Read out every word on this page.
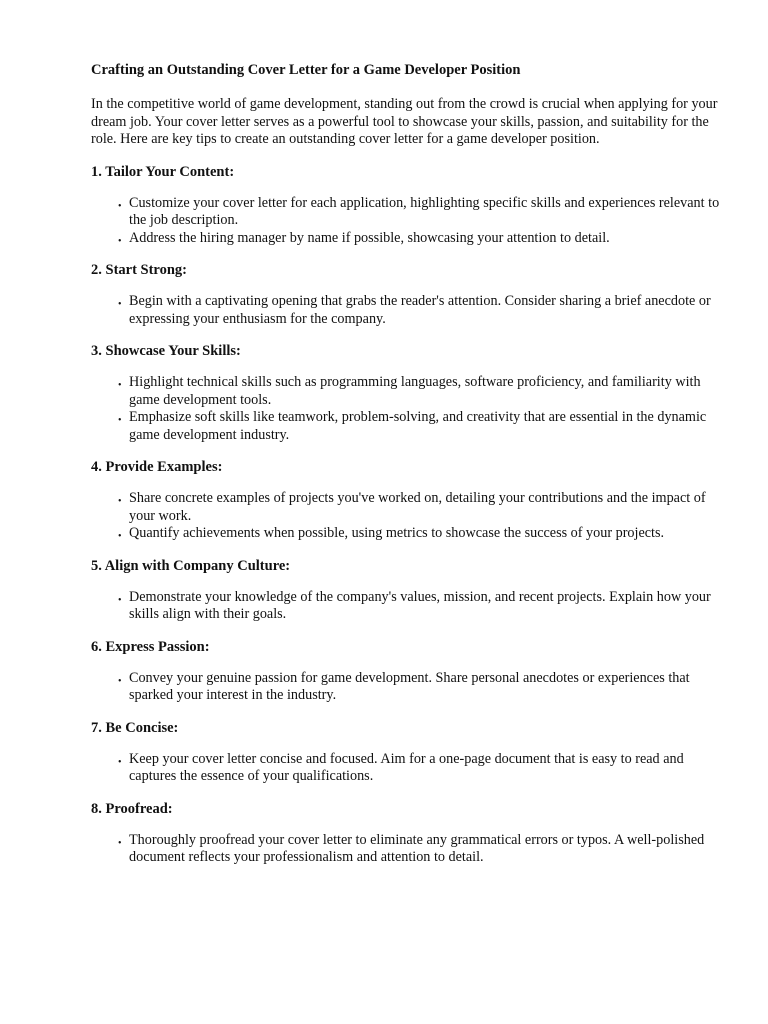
Crafting an Outstanding Cover Letter for a Game Developer Position

In the competitive world of game development, standing out from the crowd is crucial when applying for your dream job. Your cover letter serves as a powerful tool to showcase your skills, passion, and suitability for the role. Here are key tips to create an outstanding cover letter for a game developer position.

1. Tailor Your Content:
• Customize your cover letter for each application, highlighting specific skills and experiences relevant to the job description.
• Address the hiring manager by name if possible, showcasing your attention to detail.
2. Start Strong:
• Begin with a captivating opening that grabs the reader's attention. Consider sharing a brief anecdote or expressing your enthusiasm for the company.
3. Showcase Your Skills:
• Highlight technical skills such as programming languages, software proficiency, and familiarity with game development tools.
• Emphasize soft skills like teamwork, problem-solving, and creativity that are essential in the dynamic game development industry.
4. Provide Examples:
• Share concrete examples of projects you've worked on, detailing your contributions and the impact of your work.
• Quantify achievements when possible, using metrics to showcase the success of your projects.
5. Align with Company Culture:
• Demonstrate your knowledge of the company's values, mission, and recent projects. Explain how your skills align with their goals.
6. Express Passion:
• Convey your genuine passion for game development. Share personal anecdotes or experiences that sparked your interest in the industry.
7. Be Concise:
• Keep your cover letter concise and focused. Aim for a one-page document that is easy to read and captures the essence of your qualifications.
8. Proofread:
• Thoroughly proofread your cover letter to eliminate any grammatical errors or typos. A well-polished document reflects your professionalism and attention to detail.
